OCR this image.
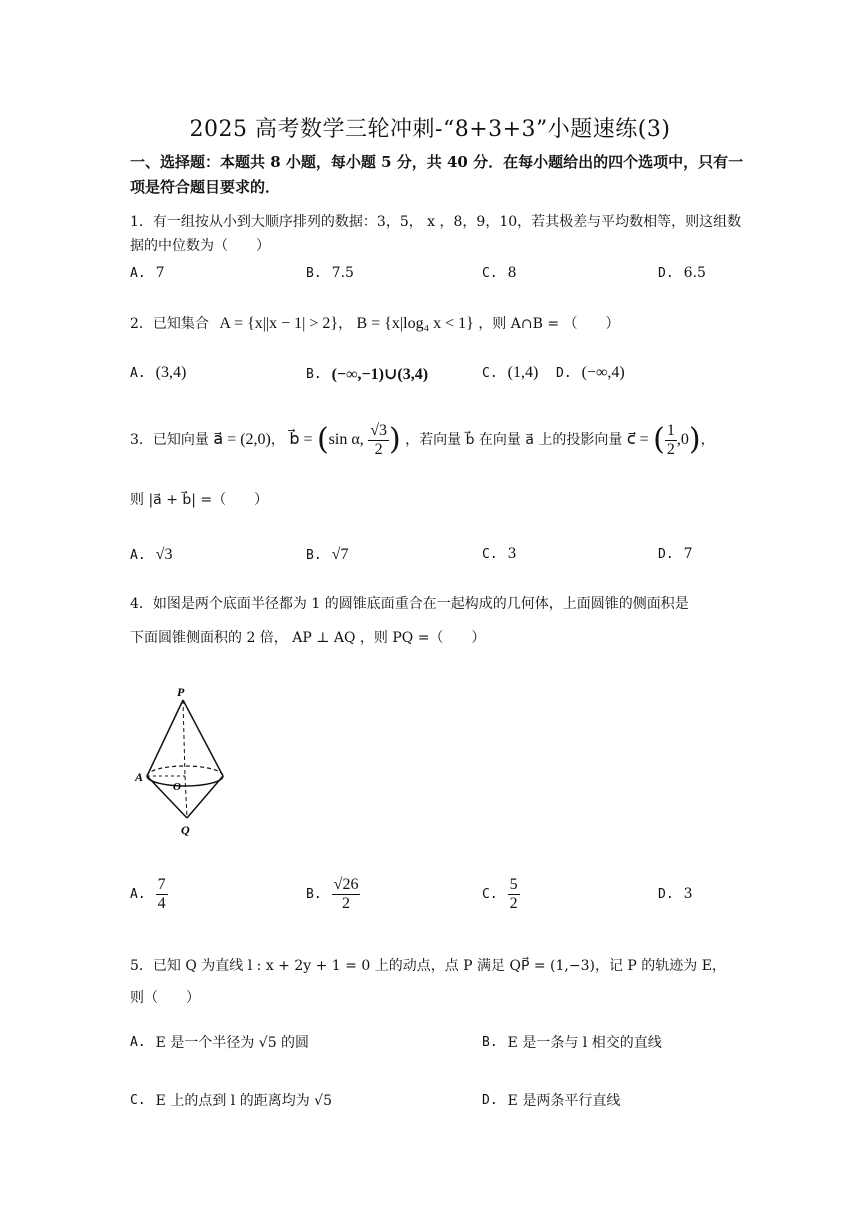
2025 高考数学三轮冲刺-“8+3+3”小题速练(3)
一、选择题：本题共 8 小题，每小题 5 分，共 40 分．在每小题给出的四个选项中，只有一项是符合题目要求的．
1．有一组按从小到大顺序排列的数据：3，5， x ，8，9，10，若其极差与平均数相等，则这组数据的中位数为（　　）
A. 7	B. 7.5	C. 8	D. 6.5
2．已知集合 A = {x||x − 1| > 2}， B = {x|log₄ x < 1} ，则 A∩B = （　　）
A. (3,4)	B. (−∞,−1)∪(3,4)	C. (1,4) D. (−∞,4)
3．已知向量 a⃗ = (2,0)， b⃗ = (sin α, $\frac{√3}{2}$ ) ，若向量 b⃗ 在向量 a⃗ 上的投影向量 c⃗ = ( $\frac{1}{2} ,0$)，
则 |a⃗ + b⃗| =（　　）
A. √3	B. √7	C. 3	D. 7
4．如图是两个底面半径都为 1 的圆锥底面重合在一起构成的几何体，上面圆锥的侧面积是
下面圆锥侧面积的 2 倍， AP ⊥ AQ ，则 PQ =（　　）
P
A
O
Q
A. $\frac{7}{4}$	B. $\frac{√26}{2}$	C. $\frac{5}{2}$	D. 3
5．已知 Q 为直线 l : x + 2y + 1 = 0 上的动点，点 P 满足 QP⃗ = (1,−3)，记 P 的轨迹为 E，
则（　　）
A. E 是一个半径为 √5 的圆	B. E 是一条与 l 相交的直线
C. E 上的点到 l 的距离均为 √5	D. E 是两条平行直线
